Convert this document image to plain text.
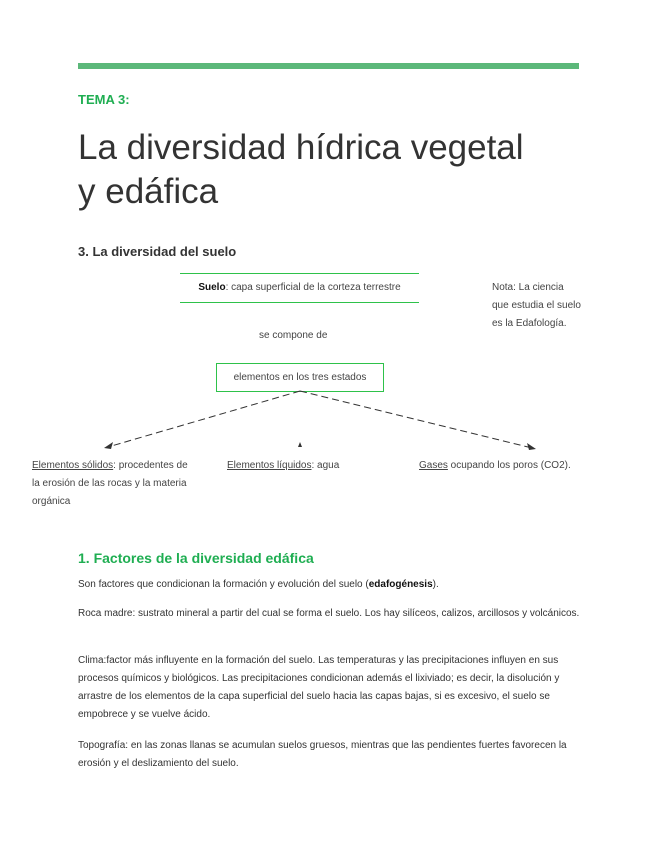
TEMA 3:
La diversidad hídrica vegetal
y edáfica
3. La diversidad del suelo
Suelo: capa superficial de la corteza terrestre	Nota: La ciencia que estudia el suelo es la Edafología.
se compone de
elementos en los tres estados
Elementos sólidos: procedentes de la erosión de las rocas y la materia orgánica
Elementos líquidos: agua	Gases ocupando los poros (CO2).
1. Factores de la diversidad edáfica

Son factores que condicionan la formación y evolución del suelo (edafogénesis).

Roca madre: sustrato mineral a partir del cual se forma el suelo. Los hay silíceos, calizos, arcillosos y volcánicos.

Clima:factor más influyente en la formación del suelo. Las temperaturas y las precipitaciones influyen en sus procesos químicos y biológicos. Las precipitaciones condicionan además el lixiviado; es decir, la disolución y arrastre de los elementos de la capa superficial del suelo hacia las capas bajas, si es excesivo, el suelo se empobrece y se vuelve ácido.

Topografía: en las zonas llanas se acumulan suelos gruesos, mientras que las pendientes fuertes favorecen la erosión y el deslizamiento del suelo.
